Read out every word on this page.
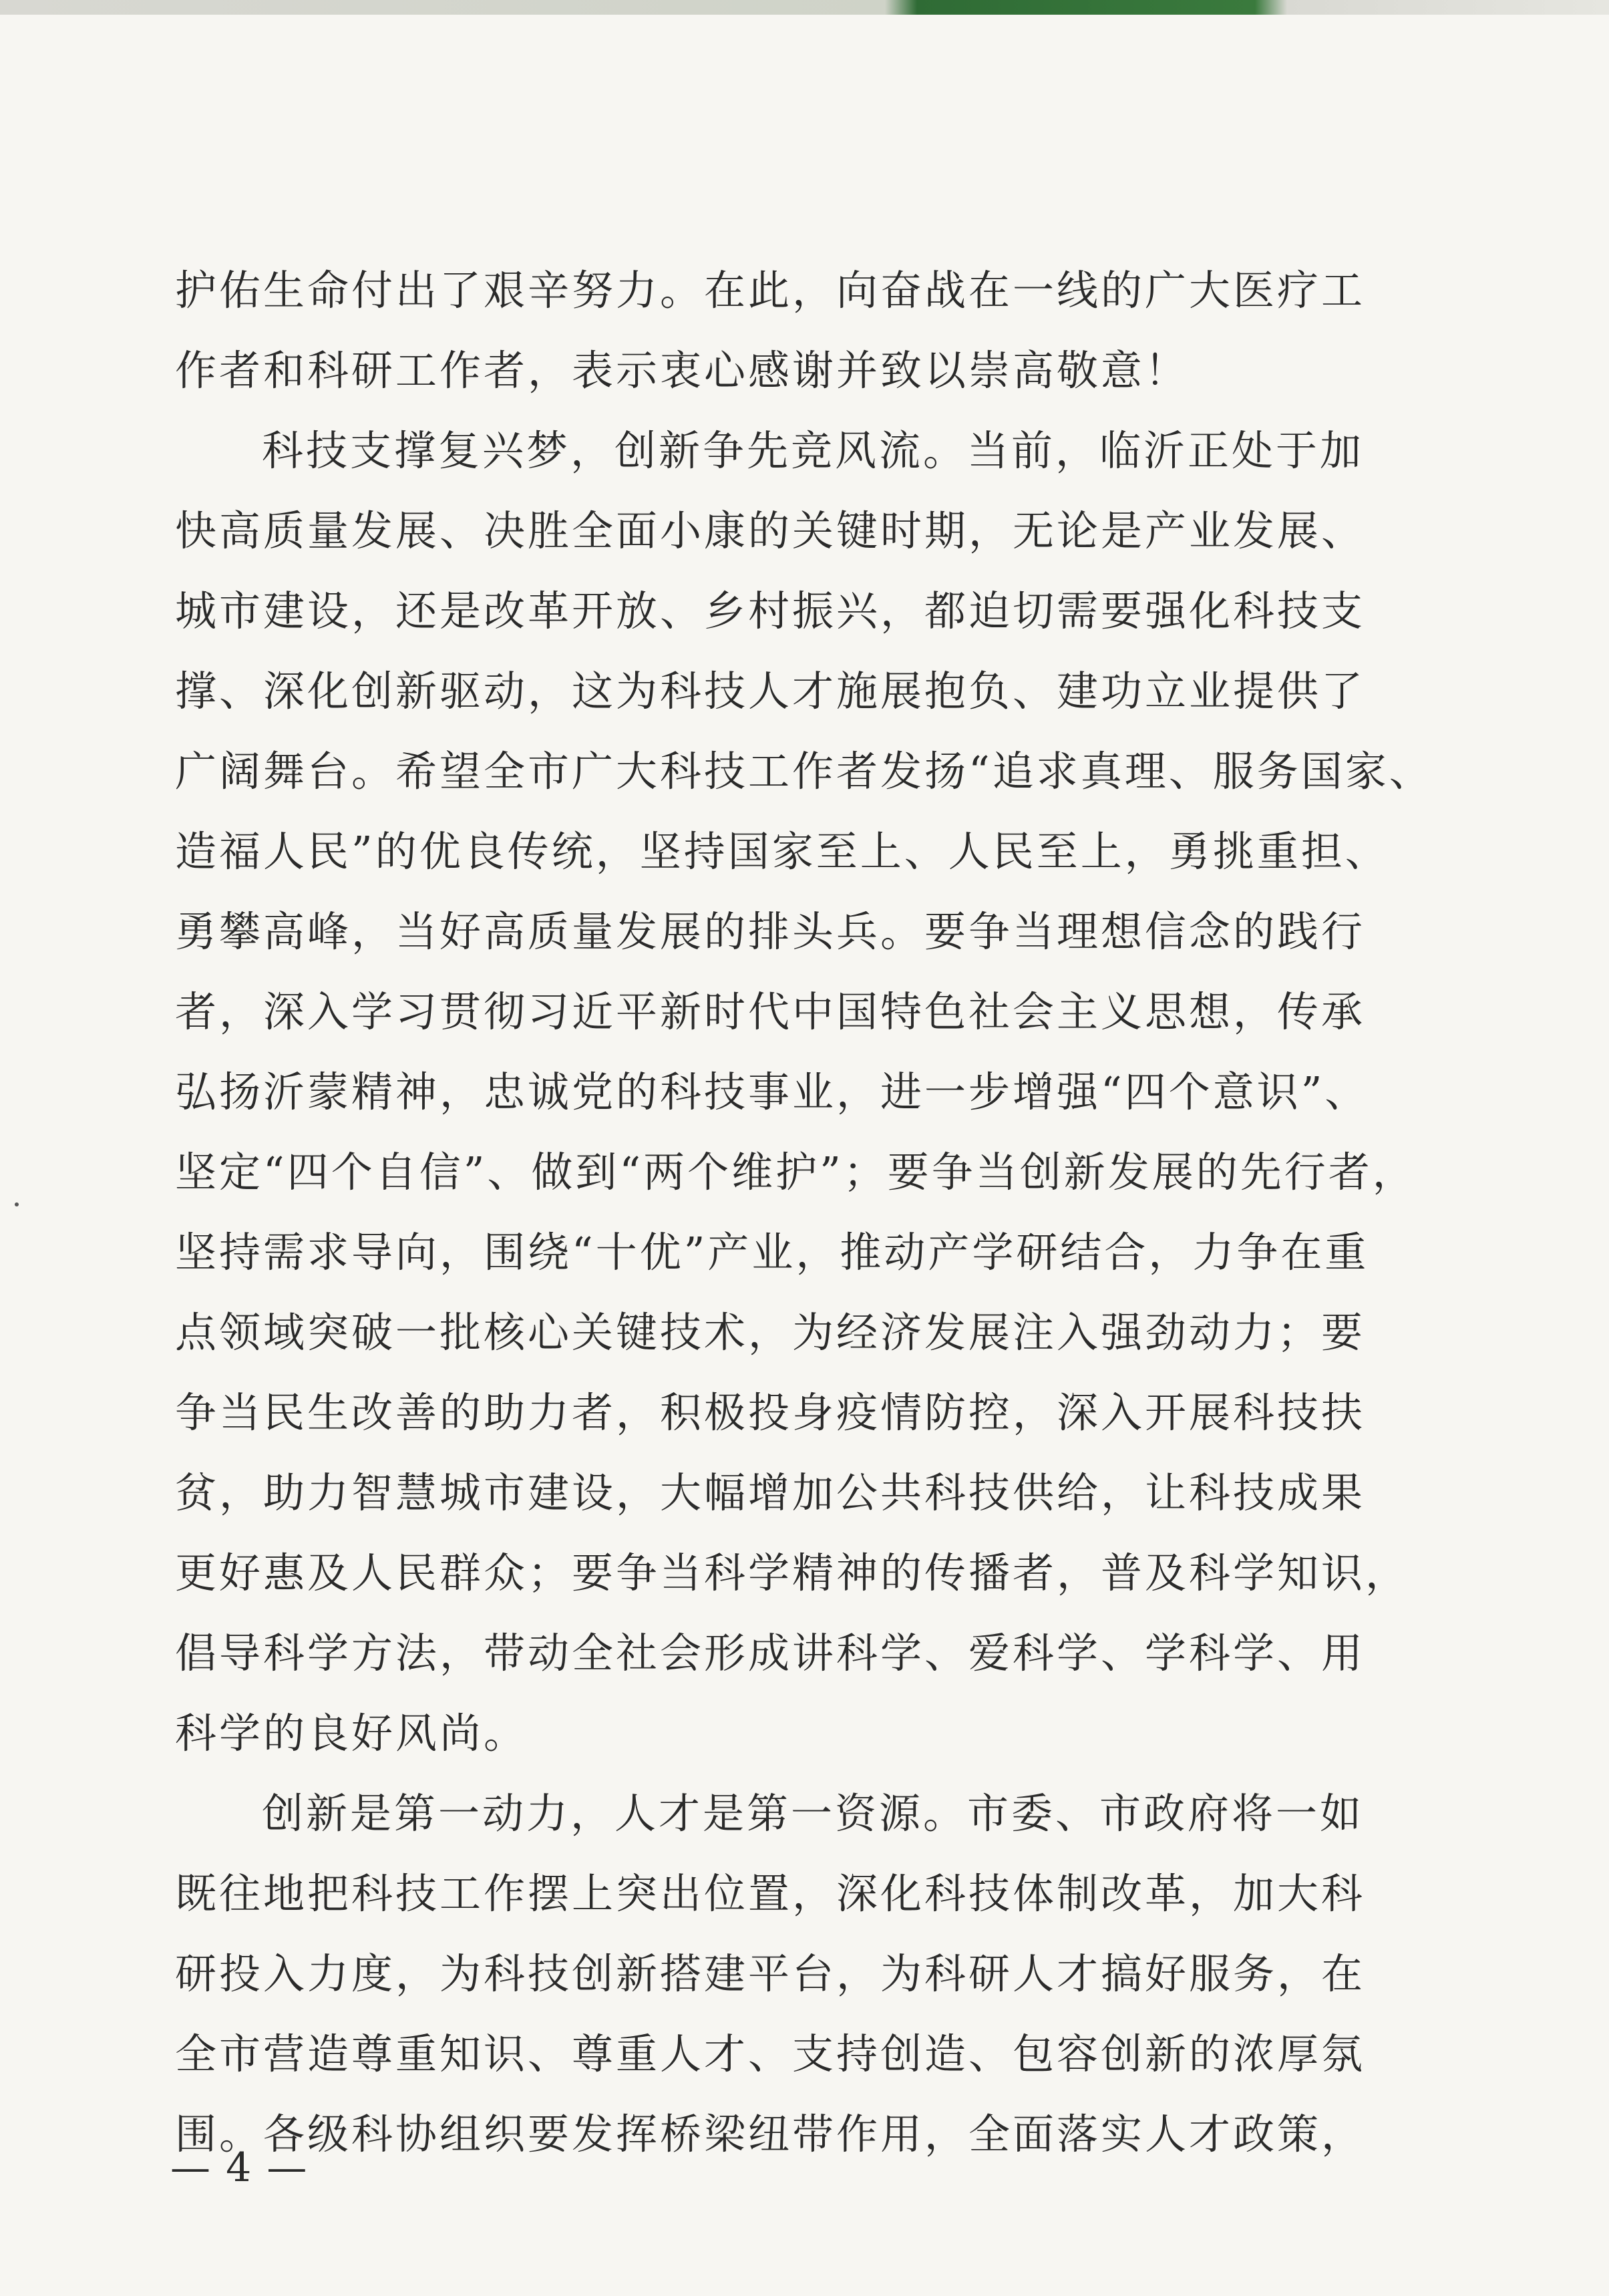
护佑生命付出了艰辛努力。在此，向奋战在一线的广大医疗工
作者和科研工作者，表示衷心感谢并致以崇高敬意！
科技支撑复兴梦，创新争先竞风流。当前，临沂正处于加
快高质量发展、决胜全面小康的关键时期，无论是产业发展、
城市建设，还是改革开放、乡村振兴，都迫切需要强化科技支
撑、深化创新驱动，这为科技人才施展抱负、建功立业提供了
广阔舞台。希望全市广大科技工作者发扬“追求真理、服务国家、
造福人民”的优良传统，坚持国家至上、人民至上，勇挑重担、
勇攀高峰，当好高质量发展的排头兵。要争当理想信念的践行
者，深入学习贯彻习近平新时代中国特色社会主义思想，传承
弘扬沂蒙精神，忠诚党的科技事业，进一步增强“四个意识”、
坚定“四个自信”、做到“两个维护”；要争当创新发展的先行者，
坚持需求导向，围绕“十优”产业，推动产学研结合，力争在重
点领域突破一批核心关键技术，为经济发展注入强劲动力；要
争当民生改善的助力者，积极投身疫情防控，深入开展科技扶
贫，助力智慧城市建设，大幅增加公共科技供给，让科技成果
更好惠及人民群众；要争当科学精神的传播者，普及科学知识，
倡导科学方法，带动全社会形成讲科学、爱科学、学科学、用
科学的良好风尚。
创新是第一动力，人才是第一资源。市委、市政府将一如
既往地把科技工作摆上突出位置，深化科技体制改革，加大科
研投入力度，为科技创新搭建平台，为科研人才搞好服务，在
全市营造尊重知识、尊重人才、支持创造、包容创新的浓厚氛
围。各级科协组织要发挥桥梁纽带作用，全面落实人才政策，
— 4 —
